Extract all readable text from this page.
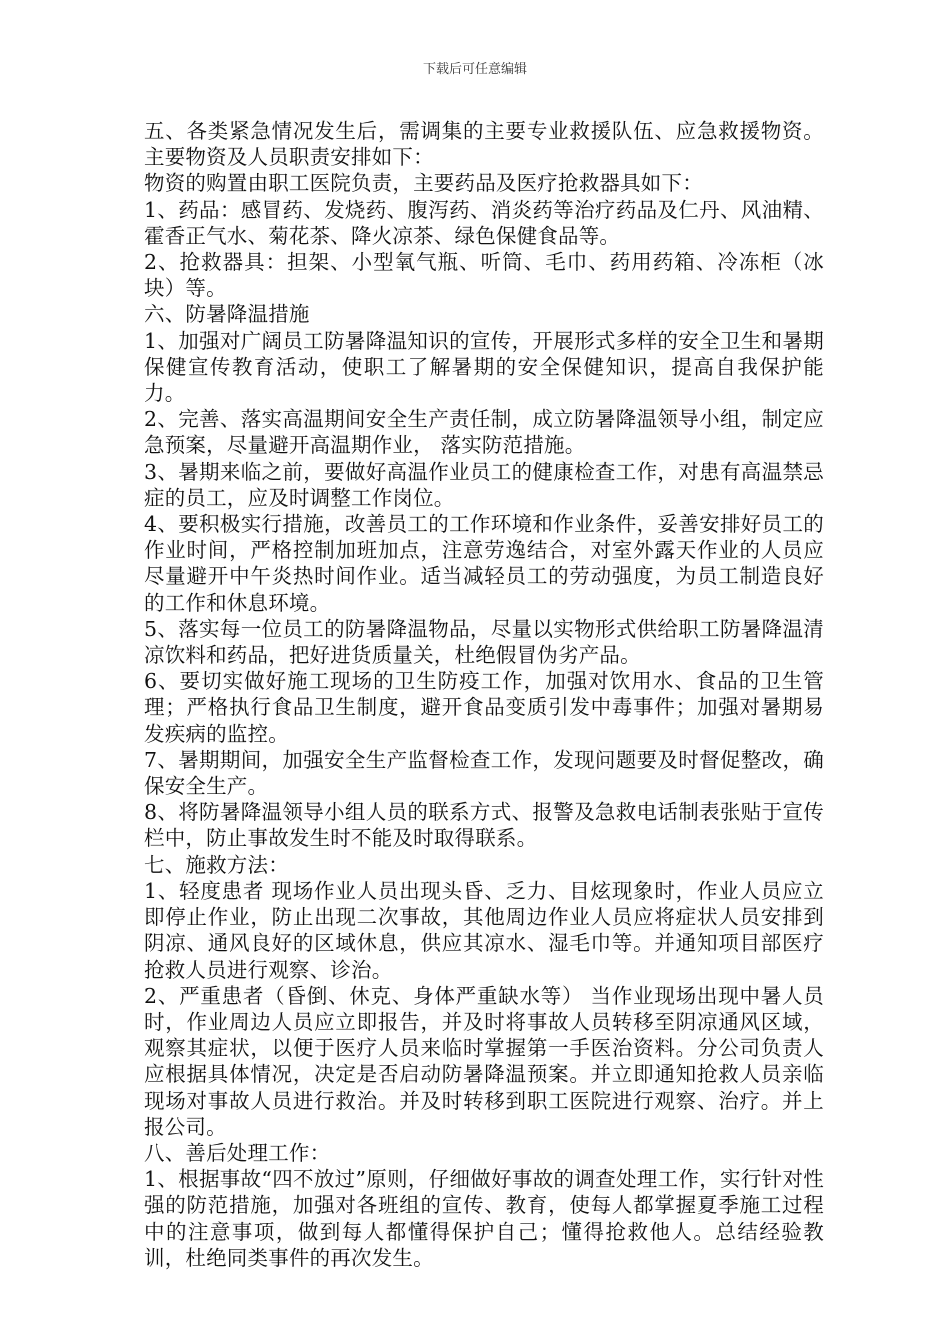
下载后可任意编辑

五、各类紧急情况发生后，需调集的主要专业救援队伍、应急救援物资。主要物资及人员职责安排如下：

物资的购置由职工医院负责，主要药品及医疗抢救器具如下：

1、药品：感冒药、发烧药、腹泻药、消炎药等治疗药品及仁丹、风油精、霍香正气水、菊花茶、降火凉茶、绿色保健食品等。

2、抢救器具：担架、小型氧气瓶、听筒、毛巾、药用药箱、冷冻柜（冰块）等。

六、防暑降温措施

1、加强对广阔员工防暑降温知识的宣传，开展形式多样的安全卫生和暑期保健宣传教育活动，使职工了解暑期的安全保健知识，提高自我保护能力。

2、完善、落实高温期间安全生产责任制，成立防暑降温领导小组，制定应急预案，尽量避开高温期作业， 落实防范措施。

3、暑期来临之前，要做好高温作业员工的健康检查工作，对患有高温禁忌症的员工，应及时调整工作岗位。

4、要积极实行措施，改善员工的工作环境和作业条件，妥善安排好员工的作业时间，严格控制加班加点，注意劳逸结合，对室外露天作业的人员应尽量避开中午炎热时间作业。适当减轻员工的劳动强度，为员工制造良好的工作和休息环境。

5、落实每一位员工的防暑降温物品，尽量以实物形式供给职工防暑降温清凉饮料和药品，把好进货质量关，杜绝假冒伪劣产品。

6、要切实做好施工现场的卫生防疫工作，加强对饮用水、食品的卫生管理；严格执行食品卫生制度，避开食品变质引发中毒事件；加强对暑期易发疾病的监控。

7、暑期期间，加强安全生产监督检查工作，发现问题要及时督促整改，确保安全生产。

8、将防暑降温领导小组人员的联系方式、报警及急救电话制表张贴于宣传栏中，防止事故发生时不能及时取得联系。

七、施救方法：

1、轻度患者 现场作业人员出现头昏、乏力、目炫现象时，作业人员应立即停止作业，防止出现二次事故，其他周边作业人员应将症状人员安排到阴凉、通风良好的区域休息，供应其凉水、湿毛巾等。并通知项目部医疗抢救人员进行观察、诊治。

2、严重患者（昏倒、休克、身体严重缺水等） 当作业现场出现中暑人员时，作业周边人员应立即报告，并及时将事故人员转移至阴凉通风区域，观察其症状，以便于医疗人员来临时掌握第一手医治资料。分公司负责人应根据具体情况，决定是否启动防暑降温预案。并立即通知抢救人员亲临现场对事故人员进行救治。并及时转移到职工医院进行观察、治疗。并上报公司。

八、善后处理工作：

1、根据事故“四不放过”原则，仔细做好事故的调查处理工作，实行针对性强的防范措施，加强对各班组的宣传、教育，使每人都掌握夏季施工过程中的注意事项，做到每人都懂得保护自己；懂得抢救他人。总结经验教训，杜绝同类事件的再次发生。
